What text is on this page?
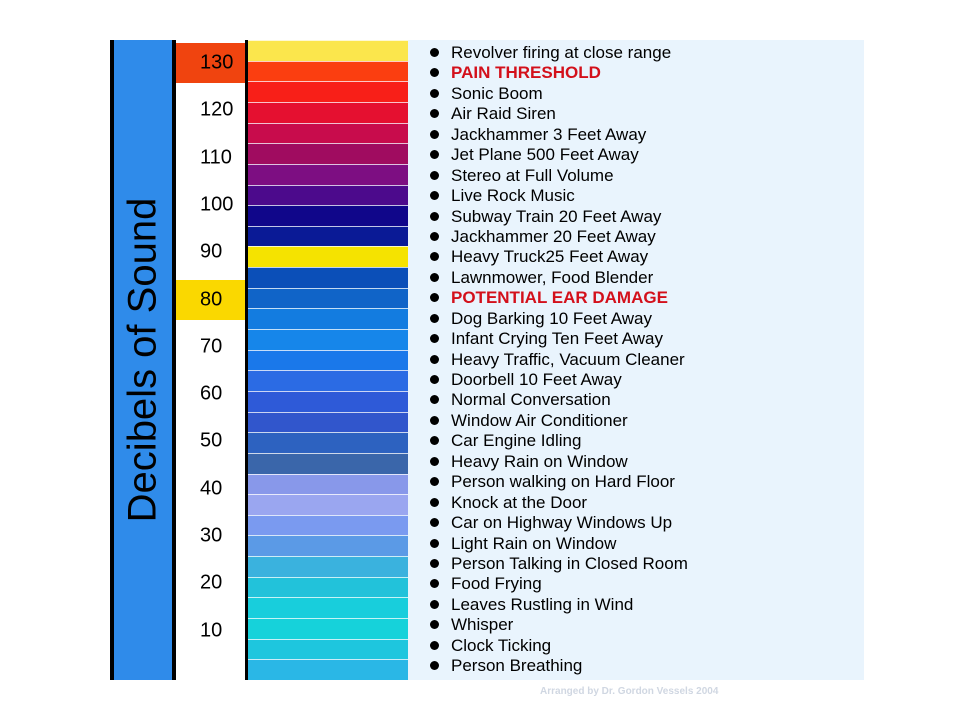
Decibels of Sound
130
120
110
100
90
80
70
60
50
40
30
20
10
Revolver firing at close range
PAIN THRESHOLD
Sonic Boom
Air Raid Siren
Jackhammer 3 Feet Away
Jet Plane 500 Feet Away
Stereo at Full Volume
Live Rock Music
Subway Train 20 Feet Away
Jackhammer 20 Feet Away
Heavy Truck25 Feet Away
Lawnmower, Food Blender
POTENTIAL EAR DAMAGE
Dog Barking 10 Feet Away
Infant Crying Ten Feet Away
Heavy Traffic, Vacuum Cleaner
Doorbell 10 Feet Away
Normal Conversation
Window Air Conditioner
Car Engine Idling
Heavy Rain on Window
Person walking on Hard Floor
Knock at the Door
Car on Highway Windows Up
Light Rain on Window
Person Talking in Closed Room
Food Frying
Leaves Rustling in Wind
Whisper
Clock Ticking
Person Breathing
Arranged by Dr. Gordon Vessels 2004
